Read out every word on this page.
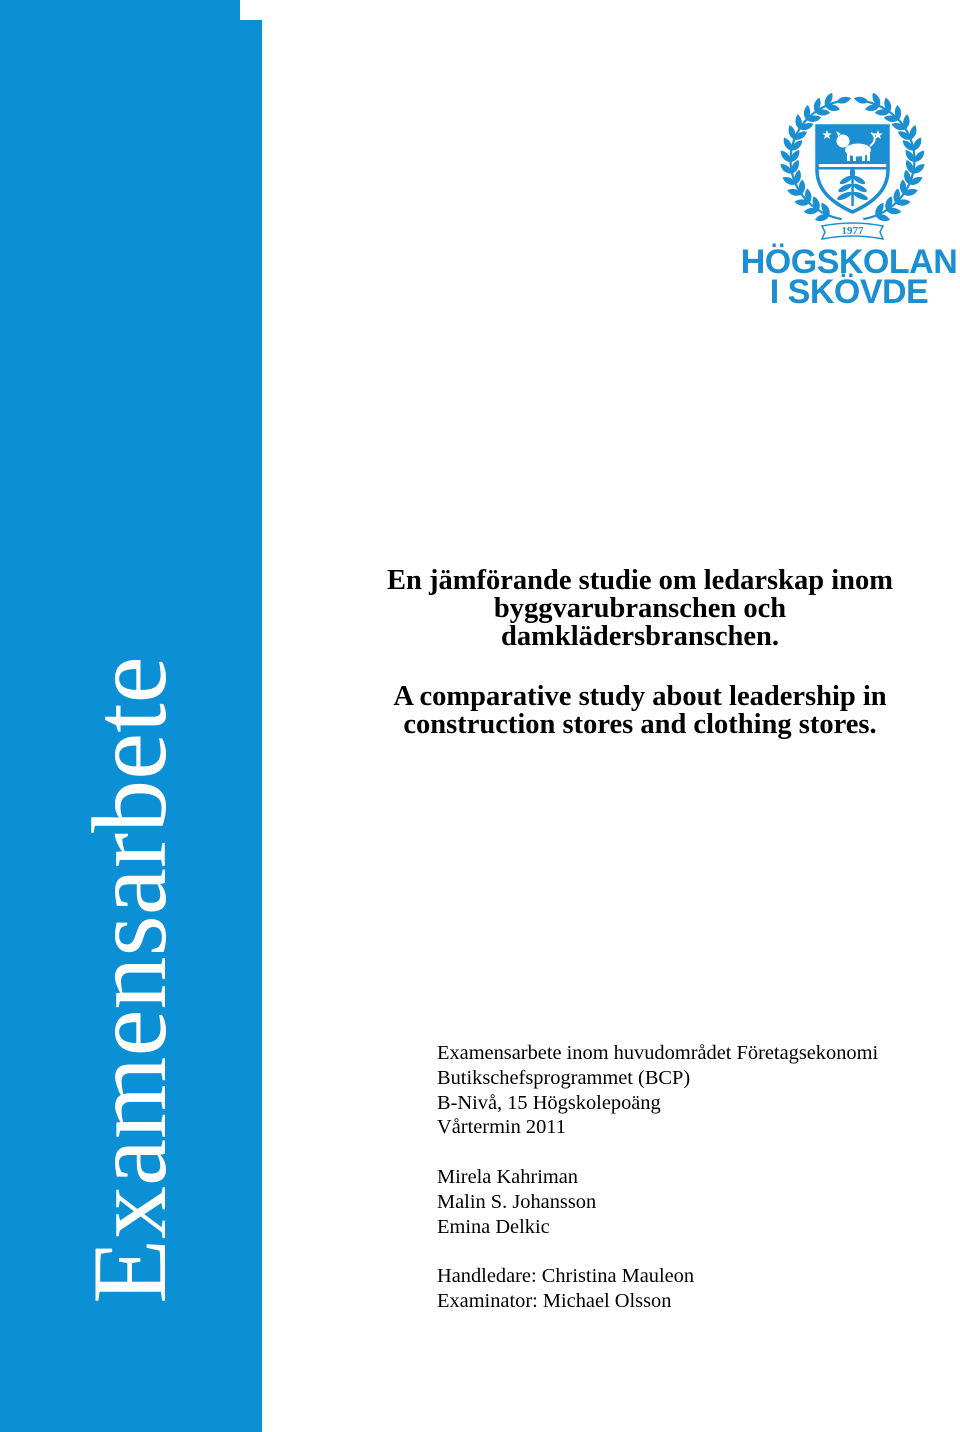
Examensarbete
1977
HÖGSKOLAN
I SKÖVDE
En jämförande studie om ledarskap inom
byggvarubranschen och
damklädersbranschen.
A comparative study about leadership in
construction stores and clothing stores.
Examensarbete inom huvudområdet Företagsekonomi
Butikschefsprogrammet (BCP)
B-Nivå, 15 Högskolepoäng
Vårtermin 2011
Mirela Kahriman
Malin S. Johansson
Emina Delkic
Handledare: Christina Mauleon
Examinator: Michael Olsson
